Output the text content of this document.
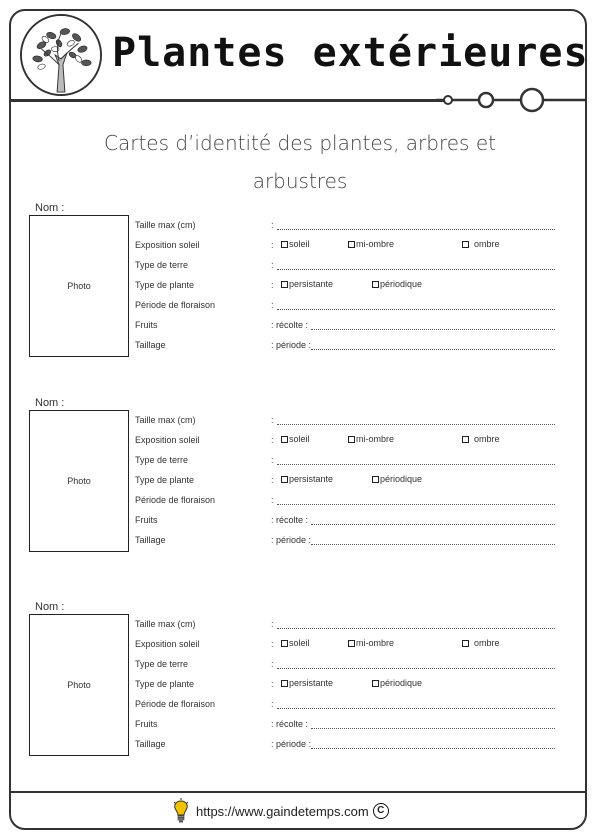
Plantes extérieures
Cartes d’identité des plantes, arbres et arbustres
Nom :
Photo
Taille max (cm)	:
Exposition soleil	: soleil	mi-ombre	ombre
Type de terre	:
Type de plante	: persistante	périodique
Période de floraison	:
Fruits	: récolte :
Taillage	: période :
Nom :
Photo
Taille max (cm)	:
Exposition soleil	: soleil	mi-ombre	ombre
Type de terre	:
Type de plante	: persistante	périodique
Période de floraison	:
Fruits	: récolte :
Taillage	: période :
Nom :
Photo
Taille max (cm)	:
Exposition soleil	: soleil	mi-ombre	ombre
Type de terre	:
Type de plante	: persistante	périodique
Période de floraison	:
Fruits	: récolte :
Taillage	: période :
https://www.gaindetemps.com C
